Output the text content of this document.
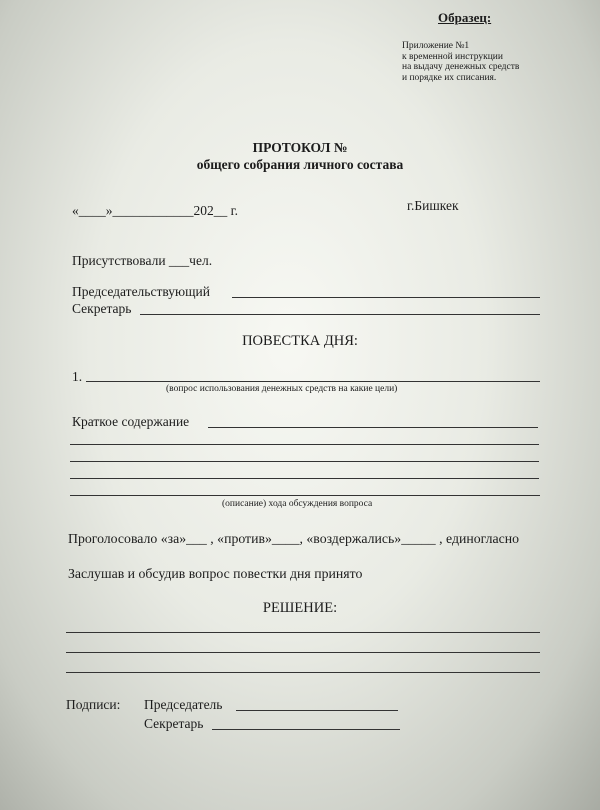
Образец:
Приложение №1
к временной инструкции
на выдачу денежных средств
и порядке их списания.
ПРОТОКОЛ №
общего собрания личного состава
«____»____________202__ г.	г.Бишкек
Присутствовали ___чел.
Председательствующий
Секретарь
ПОВЕСТКА ДНЯ:
1.
(вопрос использования денежных средств на какие цели)
Краткое содержание
(описание) хода обсуждения вопроса
Проголосовало «за»___ , «против»____, «воздержались»_____ , единогласно
Заслушав и обсудив вопрос повестки дня принято
РЕШЕНИЕ:
Подписи: Председатель
Секретарь
